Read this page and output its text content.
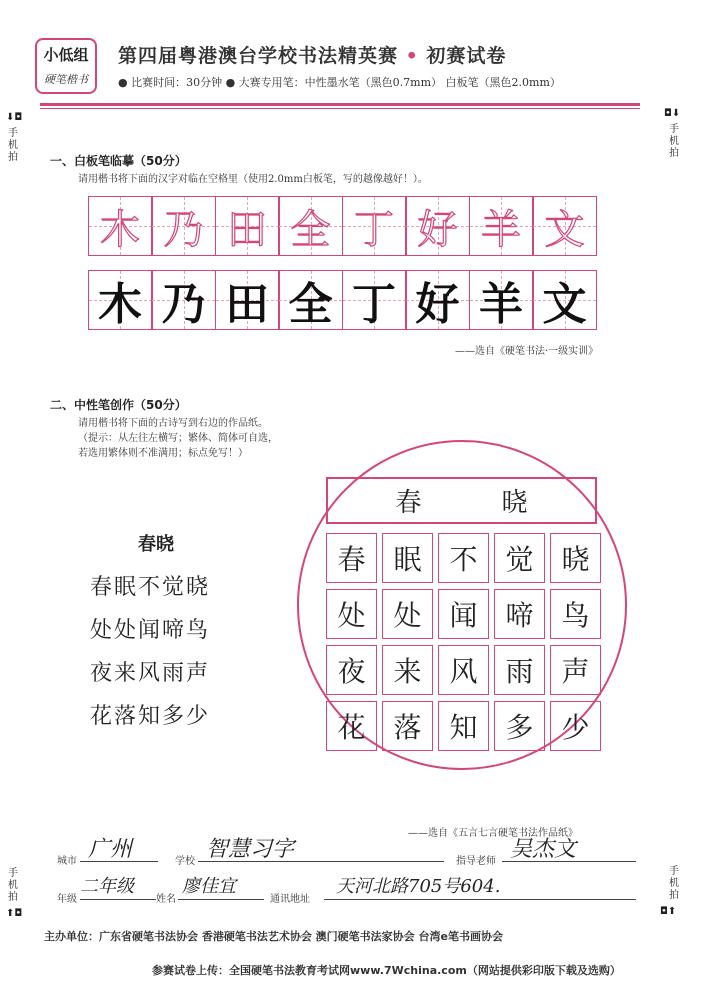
小低组
硬笔楷书
第四届粤港澳台学校书法精英赛 • 初赛试卷
● 比赛时间：30分钟 ● 大赛专用笔：中性墨水笔（黑色0.7mm） 白板笔（黑色2.0mm）
⬇◘
手机拍
◘⬇
手机拍
手机拍
⬆◘
手机拍
◘⬆
一、白板笔临摹（50分）
请用楷书将下面的汉字对临在空格里（使用2.0mm白板笔，写的越像越好！）。
木 乃 田 全 丁 好 羊 文
木 乃 田 全 丁 好 羊 文
——选自《硬笔书法·一级实训》
二、中性笔创作（50分）
请用楷书将下面的古诗写到右边的作品纸。
（提示：从左往左横写；繁体、简体可自选，
若选用繁体则不准满用；标点免写！）
春晓
春眠不觉晓
处处闻啼鸟
夜来风雨声
花落知多少
春	晓
春 眠 不 觉 晓
处 处 闻 啼 鸟
夜 来 风 雨 声
花 落 知 多 少
——选自《五言七言硬笔书法作品纸》
城市 广州	学校 智慧习字	指导老师 吴杰文
年级
二年级
姓名
廖佳宜
通讯地址
天河北路705号604.
主办单位：广东省硬笔书法协会 香港硬笔书法艺术协会 澳门硬笔书法家协会 台湾e笔书画协会
参赛试卷上传：全国硬笔书法教育考试网www.7Wchina.com（网站提供彩印版下载及选购）
